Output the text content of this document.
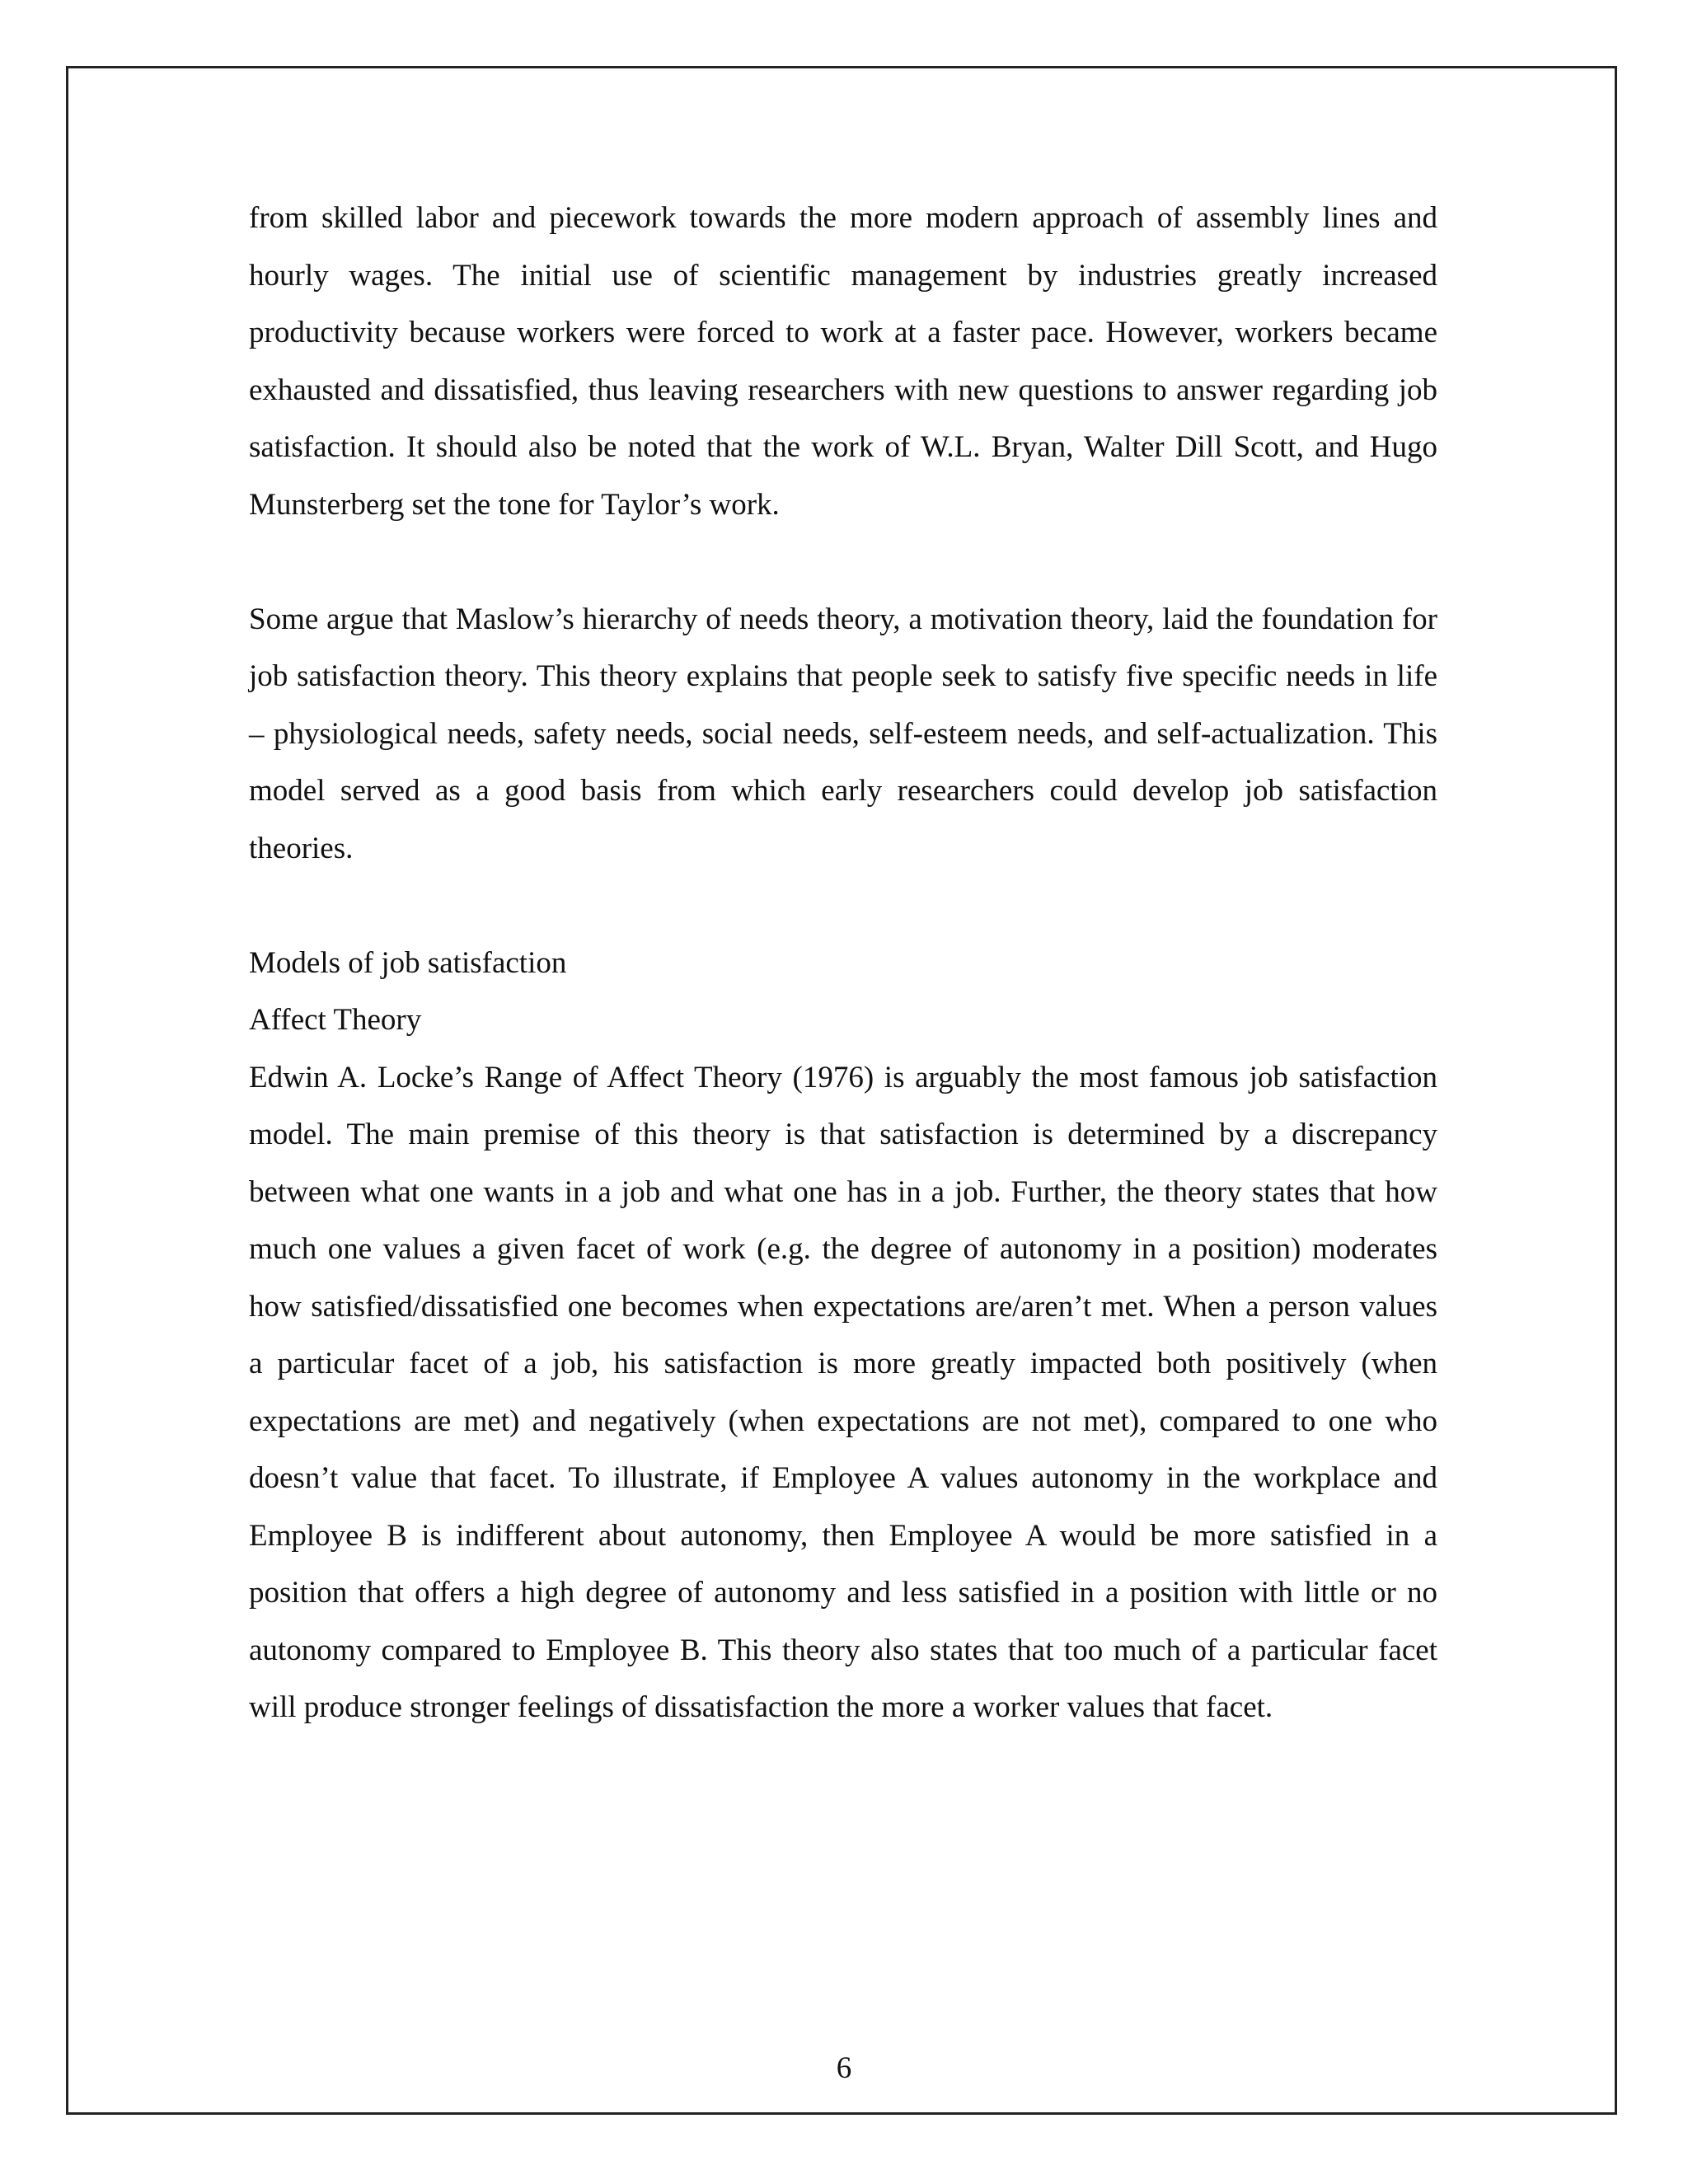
from skilled labor and piecework towards the more modern approach of assembly lines and hourly wages. The initial use of scientific management by industries greatly increased productivity because workers were forced to work at a faster pace. However, workers became exhausted and dissatisfied, thus leaving researchers with new questions to answer regarding job satisfaction. It should also be noted that the work of W.L. Bryan, Walter Dill Scott, and Hugo Munsterberg set the tone for Taylor’s work.

Some argue that Maslow’s hierarchy of needs theory, a motivation theory, laid the foundation for job satisfaction theory. This theory explains that people seek to satisfy five specific needs in life – physiological needs, safety needs, social needs, self-esteem needs, and self-actualization. This model served as a good basis from which early researchers could develop job satisfaction theories.

Models of job satisfaction
Affect Theory

Edwin A. Locke’s Range of Affect Theory (1976) is arguably the most famous job satisfaction model. The main premise of this theory is that satisfaction is determined by a discrepancy between what one wants in a job and what one has in a job. Further, the theory states that how much one values a given facet of work (e.g. the degree of autonomy in a position) moderates how satisfied/dissatisfied one becomes when expectations are/aren’t met. When a person values a particular facet of a job, his satisfaction is more greatly impacted both positively (when expectations are met) and negatively (when expectations are not met), compared to one who doesn’t value that facet. To illustrate, if Employee A values autonomy in the workplace and Employee B is indifferent about autonomy, then Employee A would be more satisfied in a position that offers a high degree of autonomy and less satisfied in a position with little or no autonomy compared to Employee B. This theory also states that too much of a particular facet will produce stronger feelings of dissatisfaction the more a worker values that facet.

6
